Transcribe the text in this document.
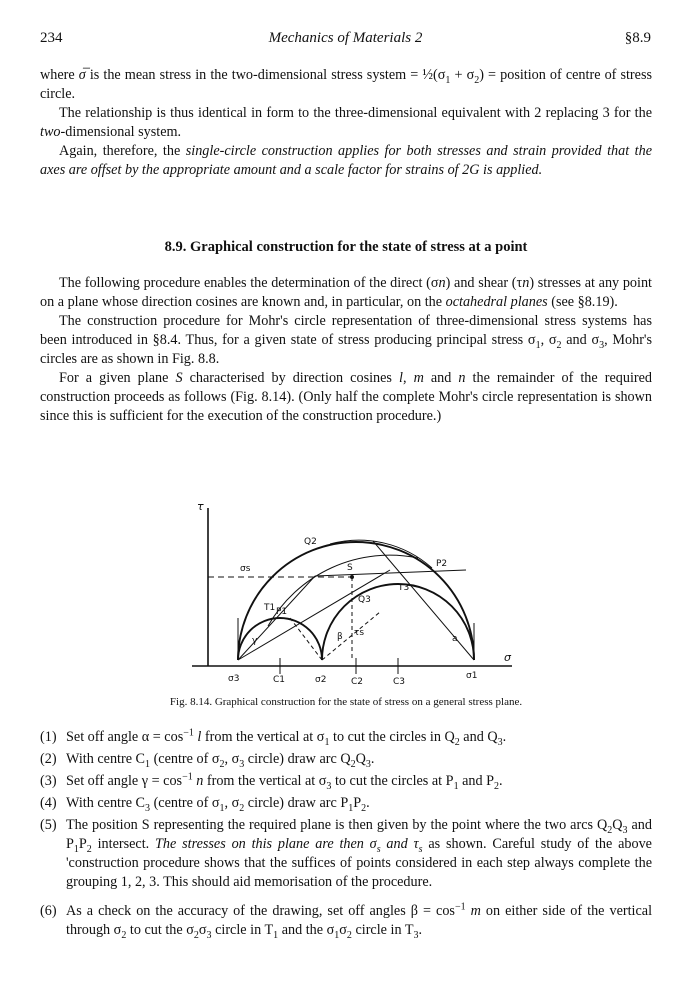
234	Mechanics of Materials 2	§8.9

where σ̅ is the mean stress in the two-dimensional stress system = $\frac{1}{2}(\sigma_1 + \sigma_2)$ = position of centre of stress circle.

The relationship is thus identical in form to the three-dimensional equivalent with 2 replacing 3 for the two-dimensional system.

Again, therefore, the single-circle construction applies for both stresses and strain provided that the axes are offset by the appropriate amount and a scale factor for strains of 2G is applied.

8.9. Graphical construction for the state of stress at a point

The following procedure enables the determination of the direct (σn) and shear (τn) stresses at any point on a plane whose direction cosines are known and, in particular, on the octahedral planes (see §8.19).

The construction procedure for Mohr's circle representation of three-dimensional stress systems has been introduced in §8.4. Thus, for a given state of stress producing principal stress $\sigma_1$, $\sigma_2$ and $\sigma_3$, Mohr's circles are as shown in Fig. 8.8.

For a given plane S characterised by direction cosines l, m and n the remainder of the required construction proceeds as follows (Fig. 8.14). (Only half the complete Mohr's circle representation is shown since this is sufficient for the execution of the construction procedure.)

τ
σ
σs
τs
Q2
Q3
P1
P2
T1
T3
S
a
β
γ
σ3	C1	σ2	C2	C3
σ1
Fig. 8.14. Graphical construction for the state of stress on a general stress plane.
(1) Set off angle $\alpha = \cos^{-1} l$ from the vertical at $\sigma_1$ to cut the circles in $Q_2$ and $Q_3$.
(2) With centre $C_1$ (centre of $\sigma_2$, $\sigma_3$ circle) draw arc $Q_2Q_3$.
(3) Set off angle $\gamma = \cos^{-1} n$ from the vertical at $\sigma_3$ to cut the circles at $P_1$ and $P_2$.
(4) With centre $C_3$ (centre of $\sigma_1$, $\sigma_2$ circle) draw arc $P_1P_2$.
(5) The position S representing the required plane is then given by the point where the two arcs $Q_2Q_3$ and $P_1P_2$ intersect. The stresses on this plane are then $\sigma_s$ and $\tau_s$ as shown. Careful study of the above 'construction procedure shows that the suffices of points considered in each step always complete the grouping 1, 2, 3. This should aid memorisation of the procedure.
(6) As a check on the accuracy of the drawing, set off angles $\beta = \cos^{-1} m$ on either side of the vertical through $\sigma_2$ to cut the $\sigma_2\sigma_3$ circle in $T_1$ and the $\sigma_1\sigma_2$ circle in $T_3$.
